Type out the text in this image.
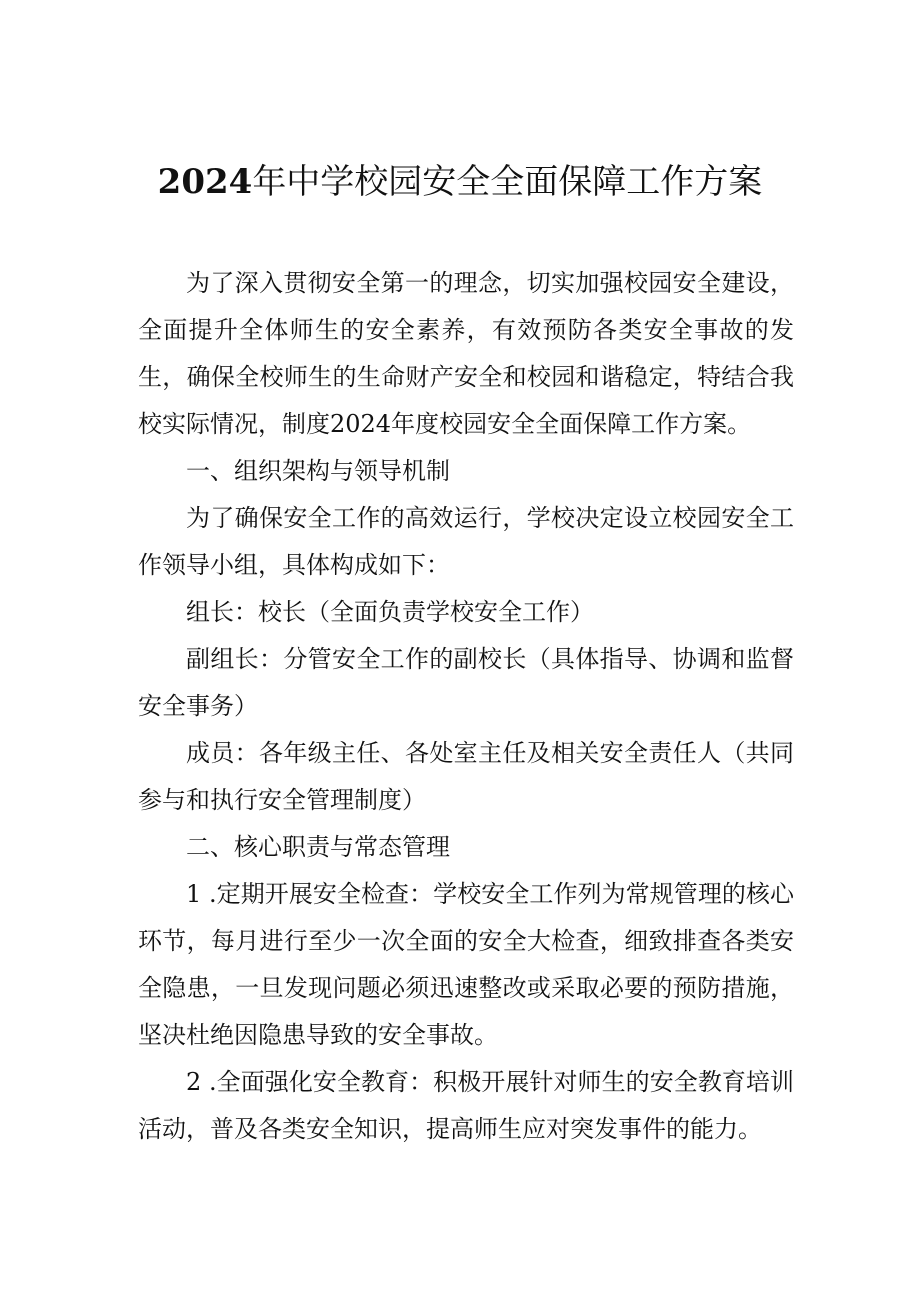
2024年中学校园安全全面保障工作方案

为了深入贯彻安全第一的理念，切实加强校园安全建设，全面提升全体师生的安全素养，有效预防各类安全事故的发生，确保全校师生的生命财产安全和校园和谐稳定，特结合我校实际情况，制度2024年度校园安全全面保障工作方案。

一、组织架构与领导机制

为了确保安全工作的高效运行，学校决定设立校园安全工作领导小组，具体构成如下：

组长：校长（全面负责学校安全工作）

副组长：分管安全工作的副校长（具体指导、协调和监督安全事务）

成员：各年级主任、各处室主任及相关安全责任人（共同参与和执行安全管理制度）

二、核心职责与常态管理

1 .定期开展安全检查：学校安全工作列为常规管理的核心环节，每月进行至少一次全面的安全大检查，细致排查各类安全隐患，一旦发现问题必须迅速整改或采取必要的预防措施，坚决杜绝因隐患导致的安全事故。

2 .全面强化安全教育：积极开展针对师生的安全教育培训活动，普及各类安全知识，提高师生应对突发事件的能力。
